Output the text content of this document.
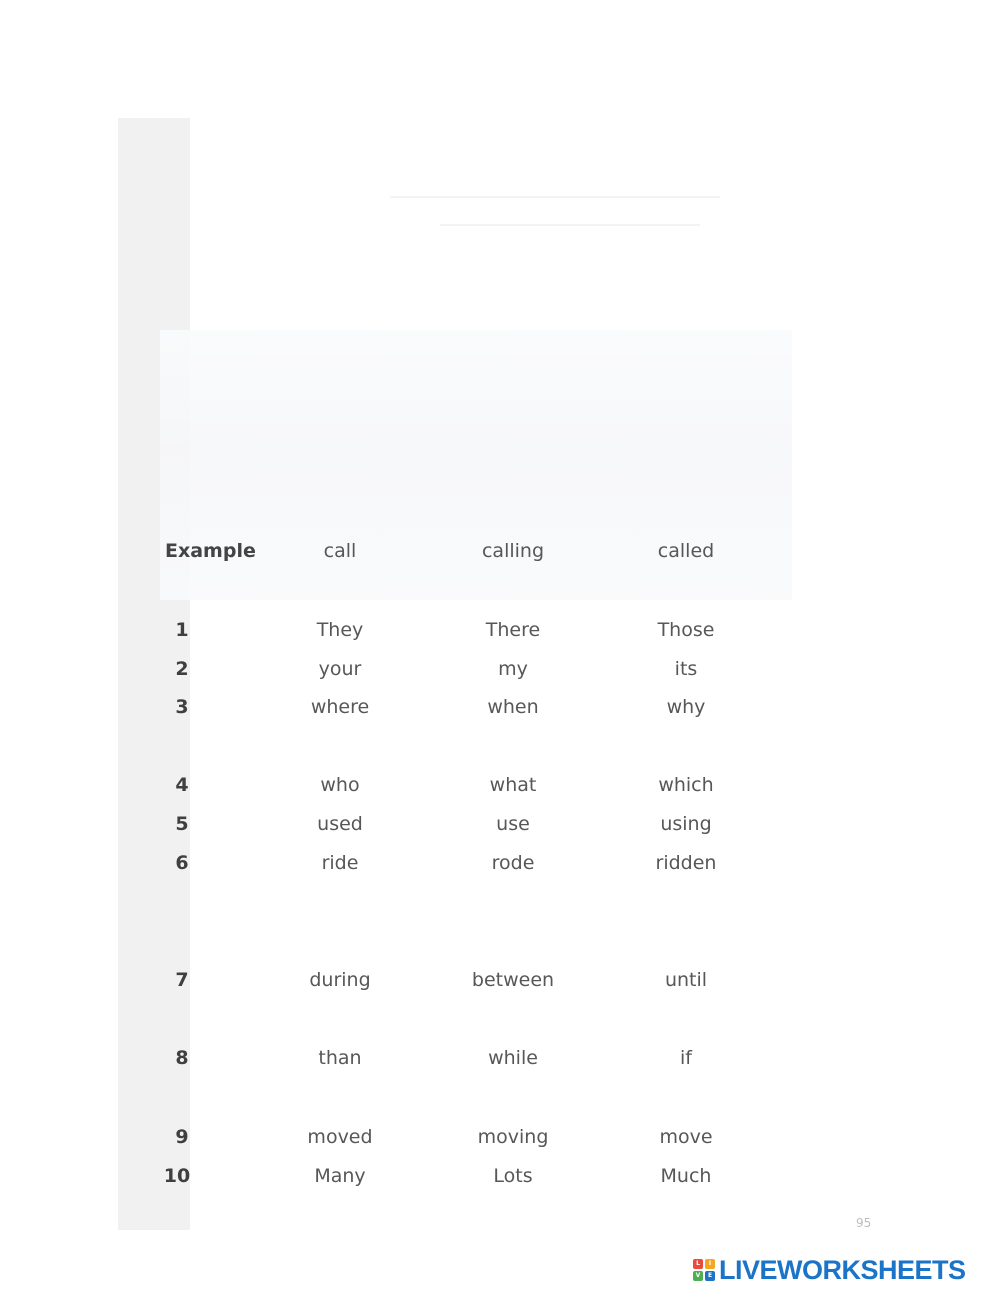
Example	call	calling	called
1	They	There	Those
2	your	my	its
3	where	when	why
4	who	what	which
5	used	use	using
6	ride	rode	ridden
7	during	between	until
8	than	while	if
9	moved	moving	move
10	Many	Lots	Much
95
L	I
V	E LIVEWORKSHEETS
